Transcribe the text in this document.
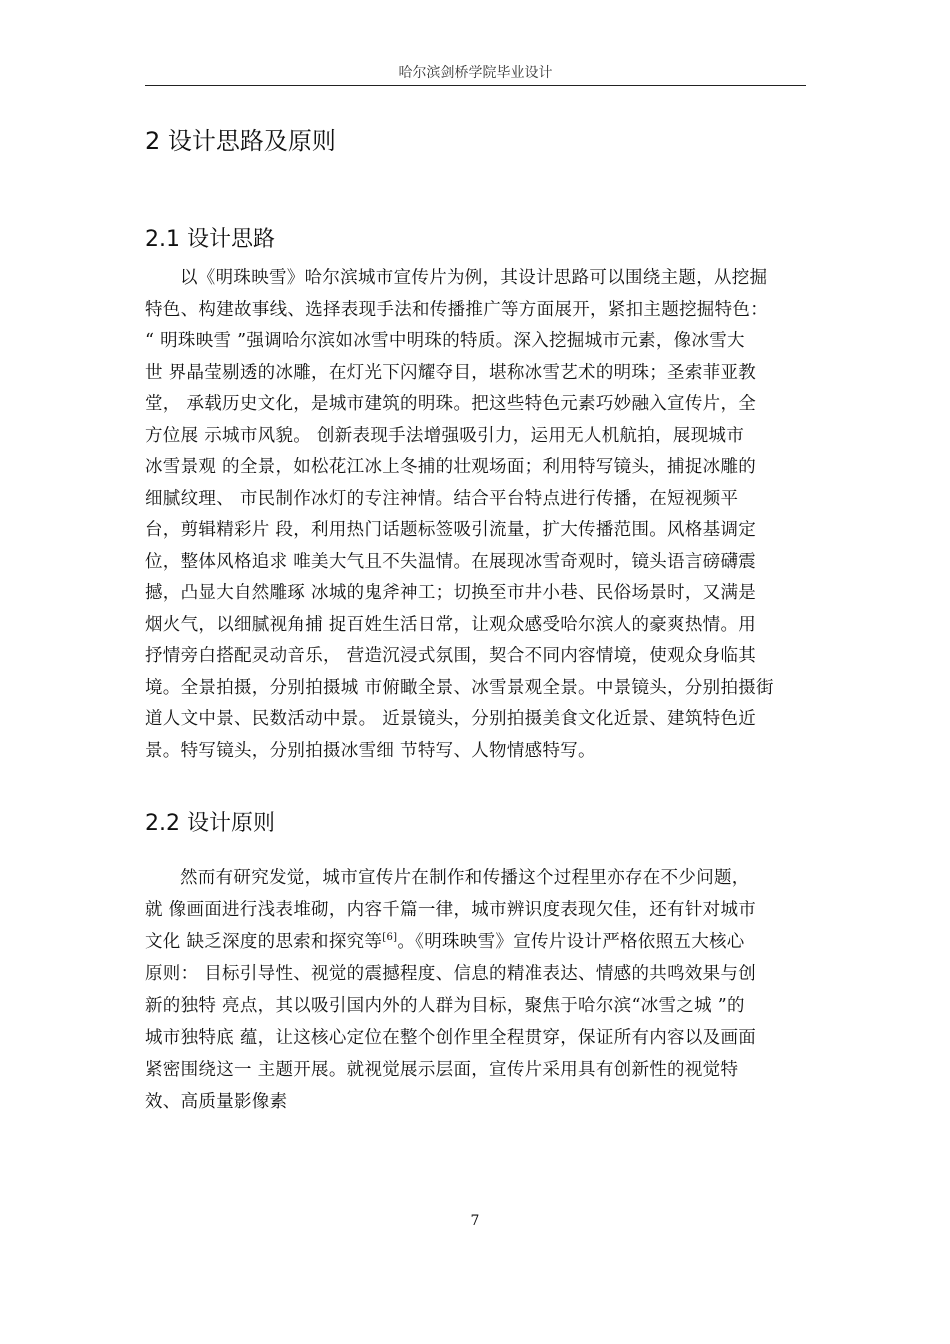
哈尔滨剑桥学院毕业设计
2 设计思路及原则
2.1 设计思路
以《明珠映雪》哈尔滨城市宣传片为例，其设计思路可以围绕主题，从挖掘
特色、构建故事线、选择表现手法和传播推广等方面展开，紧扣主题挖掘特色：
“ 明珠映雪 ”强调哈尔滨如冰雪中明珠的特质。深入挖掘城市元素，像冰雪大
世 界晶莹剔透的冰雕，在灯光下闪耀夺目，堪称冰雪艺术的明珠；圣索菲亚教
堂， 承载历史文化，是城市建筑的明珠。把这些特色元素巧妙融入宣传片，全
方位展 示城市风貌。 创新表现手法增强吸引力，运用无人机航拍，展现城市
冰雪景观 的全景，如松花江冰上冬捕的壮观场面；利用特写镜头，捕捉冰雕的
细腻纹理、 市民制作冰灯的专注神情。结合平台特点进行传播，在短视频平
台，剪辑精彩片 段，利用热门话题标签吸引流量，扩大传播范围。风格基调定
位，整体风格追求 唯美大气且不失温情。在展现冰雪奇观时，镜头语言磅礴震
撼，凸显大自然雕琢 冰城的鬼斧神工；切换至市井小巷、民俗场景时，又满是
烟火气，以细腻视角捕 捉百姓生活日常，让观众感受哈尔滨人的豪爽热情。用
抒情旁白搭配灵动音乐， 营造沉浸式氛围，契合不同内容情境，使观众身临其
境。全景拍摄，分别拍摄城 市俯瞰全景、冰雪景观全景。中景镜头，分别拍摄街
道人文中景、民数活动中景。 近景镜头，分别拍摄美食文化近景、建筑特色近
景。特写镜头，分别拍摄冰雪细 节特写、人物情感特写。
2.2 设计原则
然而有研究发觉，城市宣传片在制作和传播这个过程里亦存在不少问题，
就 像画面进行浅表堆砌，内容千篇一律，城市辨识度表现欠佳，还有针对城市
文化 缺乏深度的思索和探究等[6]。《明珠映雪》宣传片设计严格依照五大核心
原则： 目标引导性、视觉的震撼程度、信息的精准表达、情感的共鸣效果与创
新的独特 亮点，其以吸引国内外的人群为目标，聚焦于哈尔滨“冰雪之城 ”的
城市独特底 蕴，让这核心定位在整个创作里全程贯穿，保证所有内容以及画面
紧密围绕这一 主题开展。就视觉展示层面，宣传片采用具有创新性的视觉特
效、高质量影像素
7
